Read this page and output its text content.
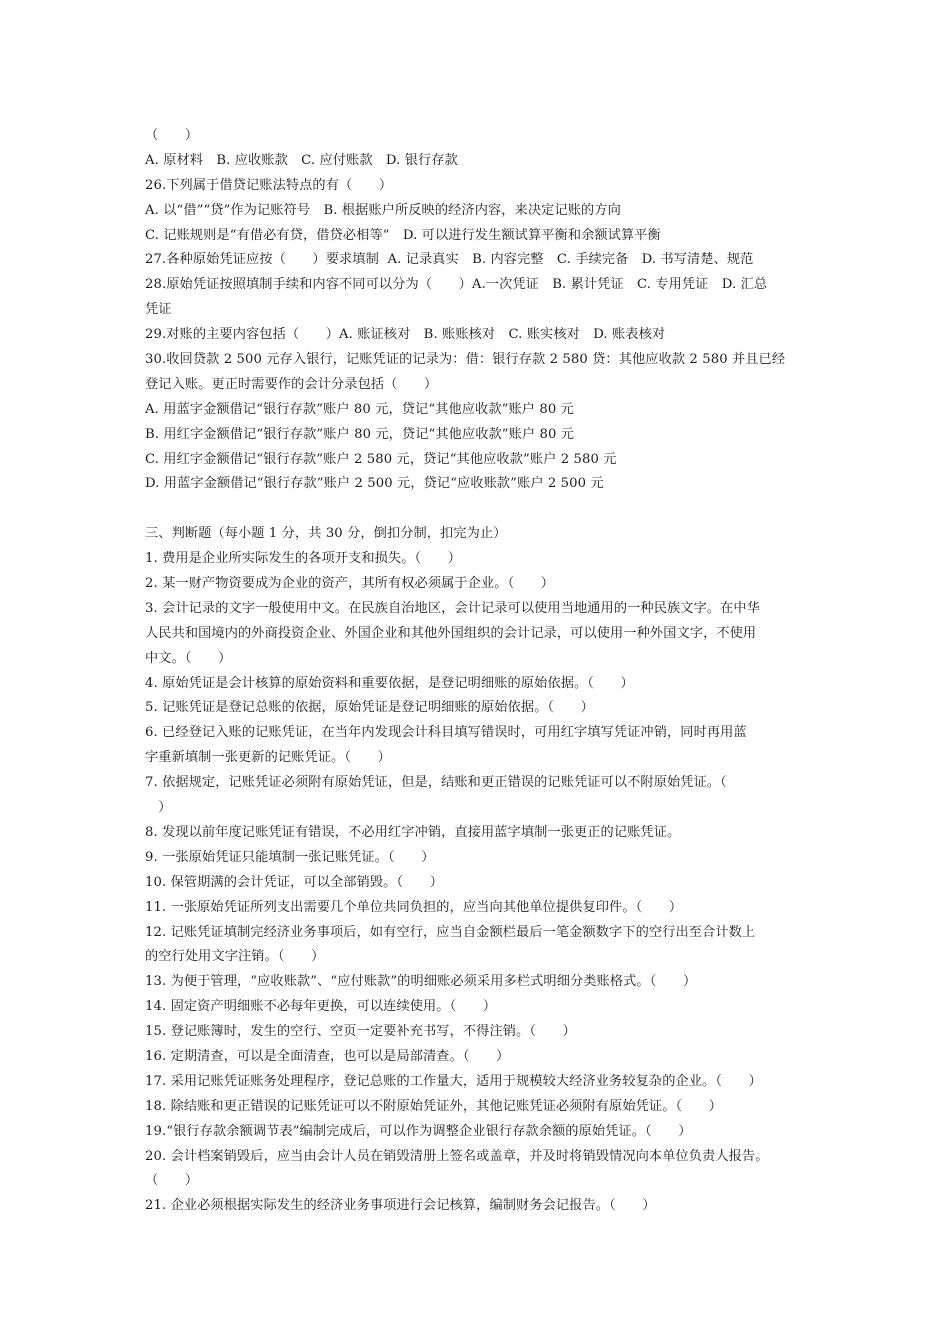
（　　）
A. 原材料　B. 应收账款　C. 应付账款　D. 银行存款
26.下列属于借贷记账法特点的有（　　）
A. 以“借”“贷”作为记账符号　B. 根据账户所反映的经济内容，来决定记账的方向
C. 记账规则是“有借必有贷，借贷必相等”　D. 可以进行发生额试算平衡和余额试算平衡
27.各种原始凭证应按（　　）要求填制  A. 记录真实　B. 内容完整　C. 手续完备　D. 书写清楚、规范
28.原始凭证按照填制手续和内容不同可以分为（　　）A.一次凭证　B. 累计凭证　C. 专用凭证　D. 汇总
凭证
29.对账的主要内容包括（　　）A. 账证核对　B. 账账核对　C. 账实核对　D. 账表核对
30.收回贷款 2 500 元存入银行，记账凭证的记录为：借：银行存款 2 580 贷：其他应收款 2 580 并且已经
登记入账。更正时需要作的会计分录包括（　　）
A. 用蓝字金额借记“银行存款”账户 80 元，贷记“其他应收款”账户 80 元
B. 用红字金额借记“银行存款”账户 80 元，贷记“其他应收款”账户 80 元
C. 用红字金额借记“银行存款”账户 2 580 元，贷记“其他应收款”账户 2 580 元
D. 用蓝字金额借记“银行存款”账户 2 500 元，贷记“应收账款”账户 2 500 元
三、判断题（每小题 1 分，共 30 分，倒扣分制，扣完为止）
1. 费用是企业所实际发生的各项开支和损失。（　　）
2. 某一财产物资要成为企业的资产，其所有权必须属于企业。（　　）
3. 会计记录的文字一般使用中文。在民族自治地区，会计记录可以使用当地通用的一种民族文字。在中华
人民共和国境内的外商投资企业、外国企业和其他外国组织的会计记录，可以使用一种外国文字，不使用
中文。（　　）
4. 原始凭证是会计核算的原始资料和重要依据，是登记明细账的原始依据。（　　）
5. 记账凭证是登记总账的依据，原始凭证是登记明细账的原始依据。（　　）
6. 已经登记入账的记账凭证，在当年内发现会计科目填写错误时，可用红字填写凭证冲销，同时再用蓝
字重新填制一张更新的记账凭证。（　　）
7. 依据规定，记账凭证必须附有原始凭证，但是，结账和更正错误的记账凭证可以不附原始凭证。（
　）
8. 发现以前年度记账凭证有错误，不必用红字冲销，直接用蓝字填制一张更正的记账凭证。
9. 一张原始凭证只能填制一张记账凭证。（　　）
10. 保管期满的会计凭证，可以全部销毁。（　　）
11. 一张原始凭证所列支出需要几个单位共同负担的，应当向其他单位提供复印件。（　　）
12. 记账凭证填制完经济业务事项后，如有空行，应当自金额栏最后一笔金额数字下的空行出至合计数上
的空行处用文字注销。（　　）
13. 为便于管理，“应收账款”、“应付账款”的明细账必须采用多栏式明细分类账格式。（　　）
14. 固定资产明细账不必每年更换，可以连续使用。（　　）
15. 登记账簿时，发生的空行、空页一定要补充书写，不得注销。（　　）
16. 定期清查，可以是全面清查，也可以是局部清查。（　　）
17. 采用记账凭证账务处理程序，登记总账的工作量大，适用于规模较大经济业务较复杂的企业。（　　）
18. 除结账和更正错误的记账凭证可以不附原始凭证外，其他记账凭证必须附有原始凭证。（　　）
19.“银行存款余额调节表”编制完成后，可以作为调整企业银行存款余额的原始凭证。（　　）
20. 会计档案销毁后，应当由会计人员在销毁清册上签名或盖章，并及时将销毁情况向本单位负责人报告。
（　　）
21. 企业必须根据实际发生的经济业务事项进行会记核算，编制财务会记报告。（　　）
